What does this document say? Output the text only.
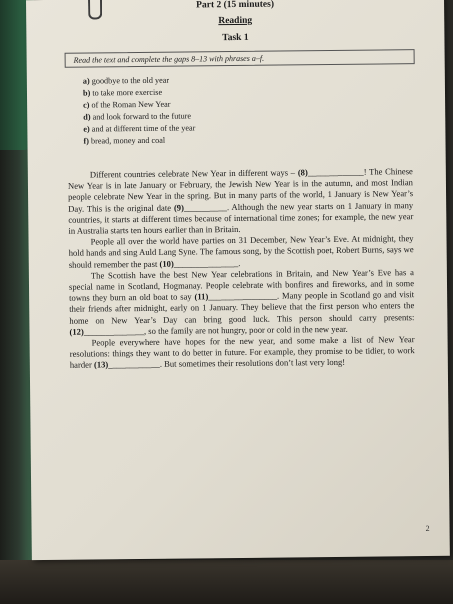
Part 2 (15 minutes)
Reading
Task 1
Read the text and complete the gaps 8–13 with phrases a–f.
a) goodbye to the old year
b) to take more exercise
c) of the Roman New Year
d) and look forward to the future
e) and at different time of the year
f) bread, money and coal

Different countries celebrate New Year in different ways – (8)_____________! The Chinese New Year is in late January or February, the Jewish New Year is in the autumn, and most Indian people celebrate New Year in the spring. But in many parts of the world, 1 January is New Year’s Day. This is the original date (9)__________. Although the new year starts on 1 January in many countries, it starts at different times because of international time zones; for example, the new year in Australia starts ten hours earlier than in Britain.

People all over the world have parties on 31 December, New Year’s Eve. At midnight, they hold hands and sing Auld Lang Syne. The famous song, by the Scottish poet, Robert Burns, says we should remember the past (10)_______________.

The Scottish have the best New Year celebrations in Britain, and New Year’s Eve has a special name in Scotland, Hogmanay. People celebrate with bonfires and fireworks, and in some towns they burn an old boat to say (11)________________. Many people in Scotland go and visit their friends after midnight, early on 1 January. They believe that the first person who enters the home on New Year’s Day can bring good luck. This person should carry presents: (12)______________, so the family are not hungry, poor or cold in the new year.

People everywhere have hopes for the new year, and some make a list of New Year resolutions: things they want to do better in future. For example, they promise to be tidier, to work harder (13)____________. But sometimes their resolutions don’t last very long!

2
